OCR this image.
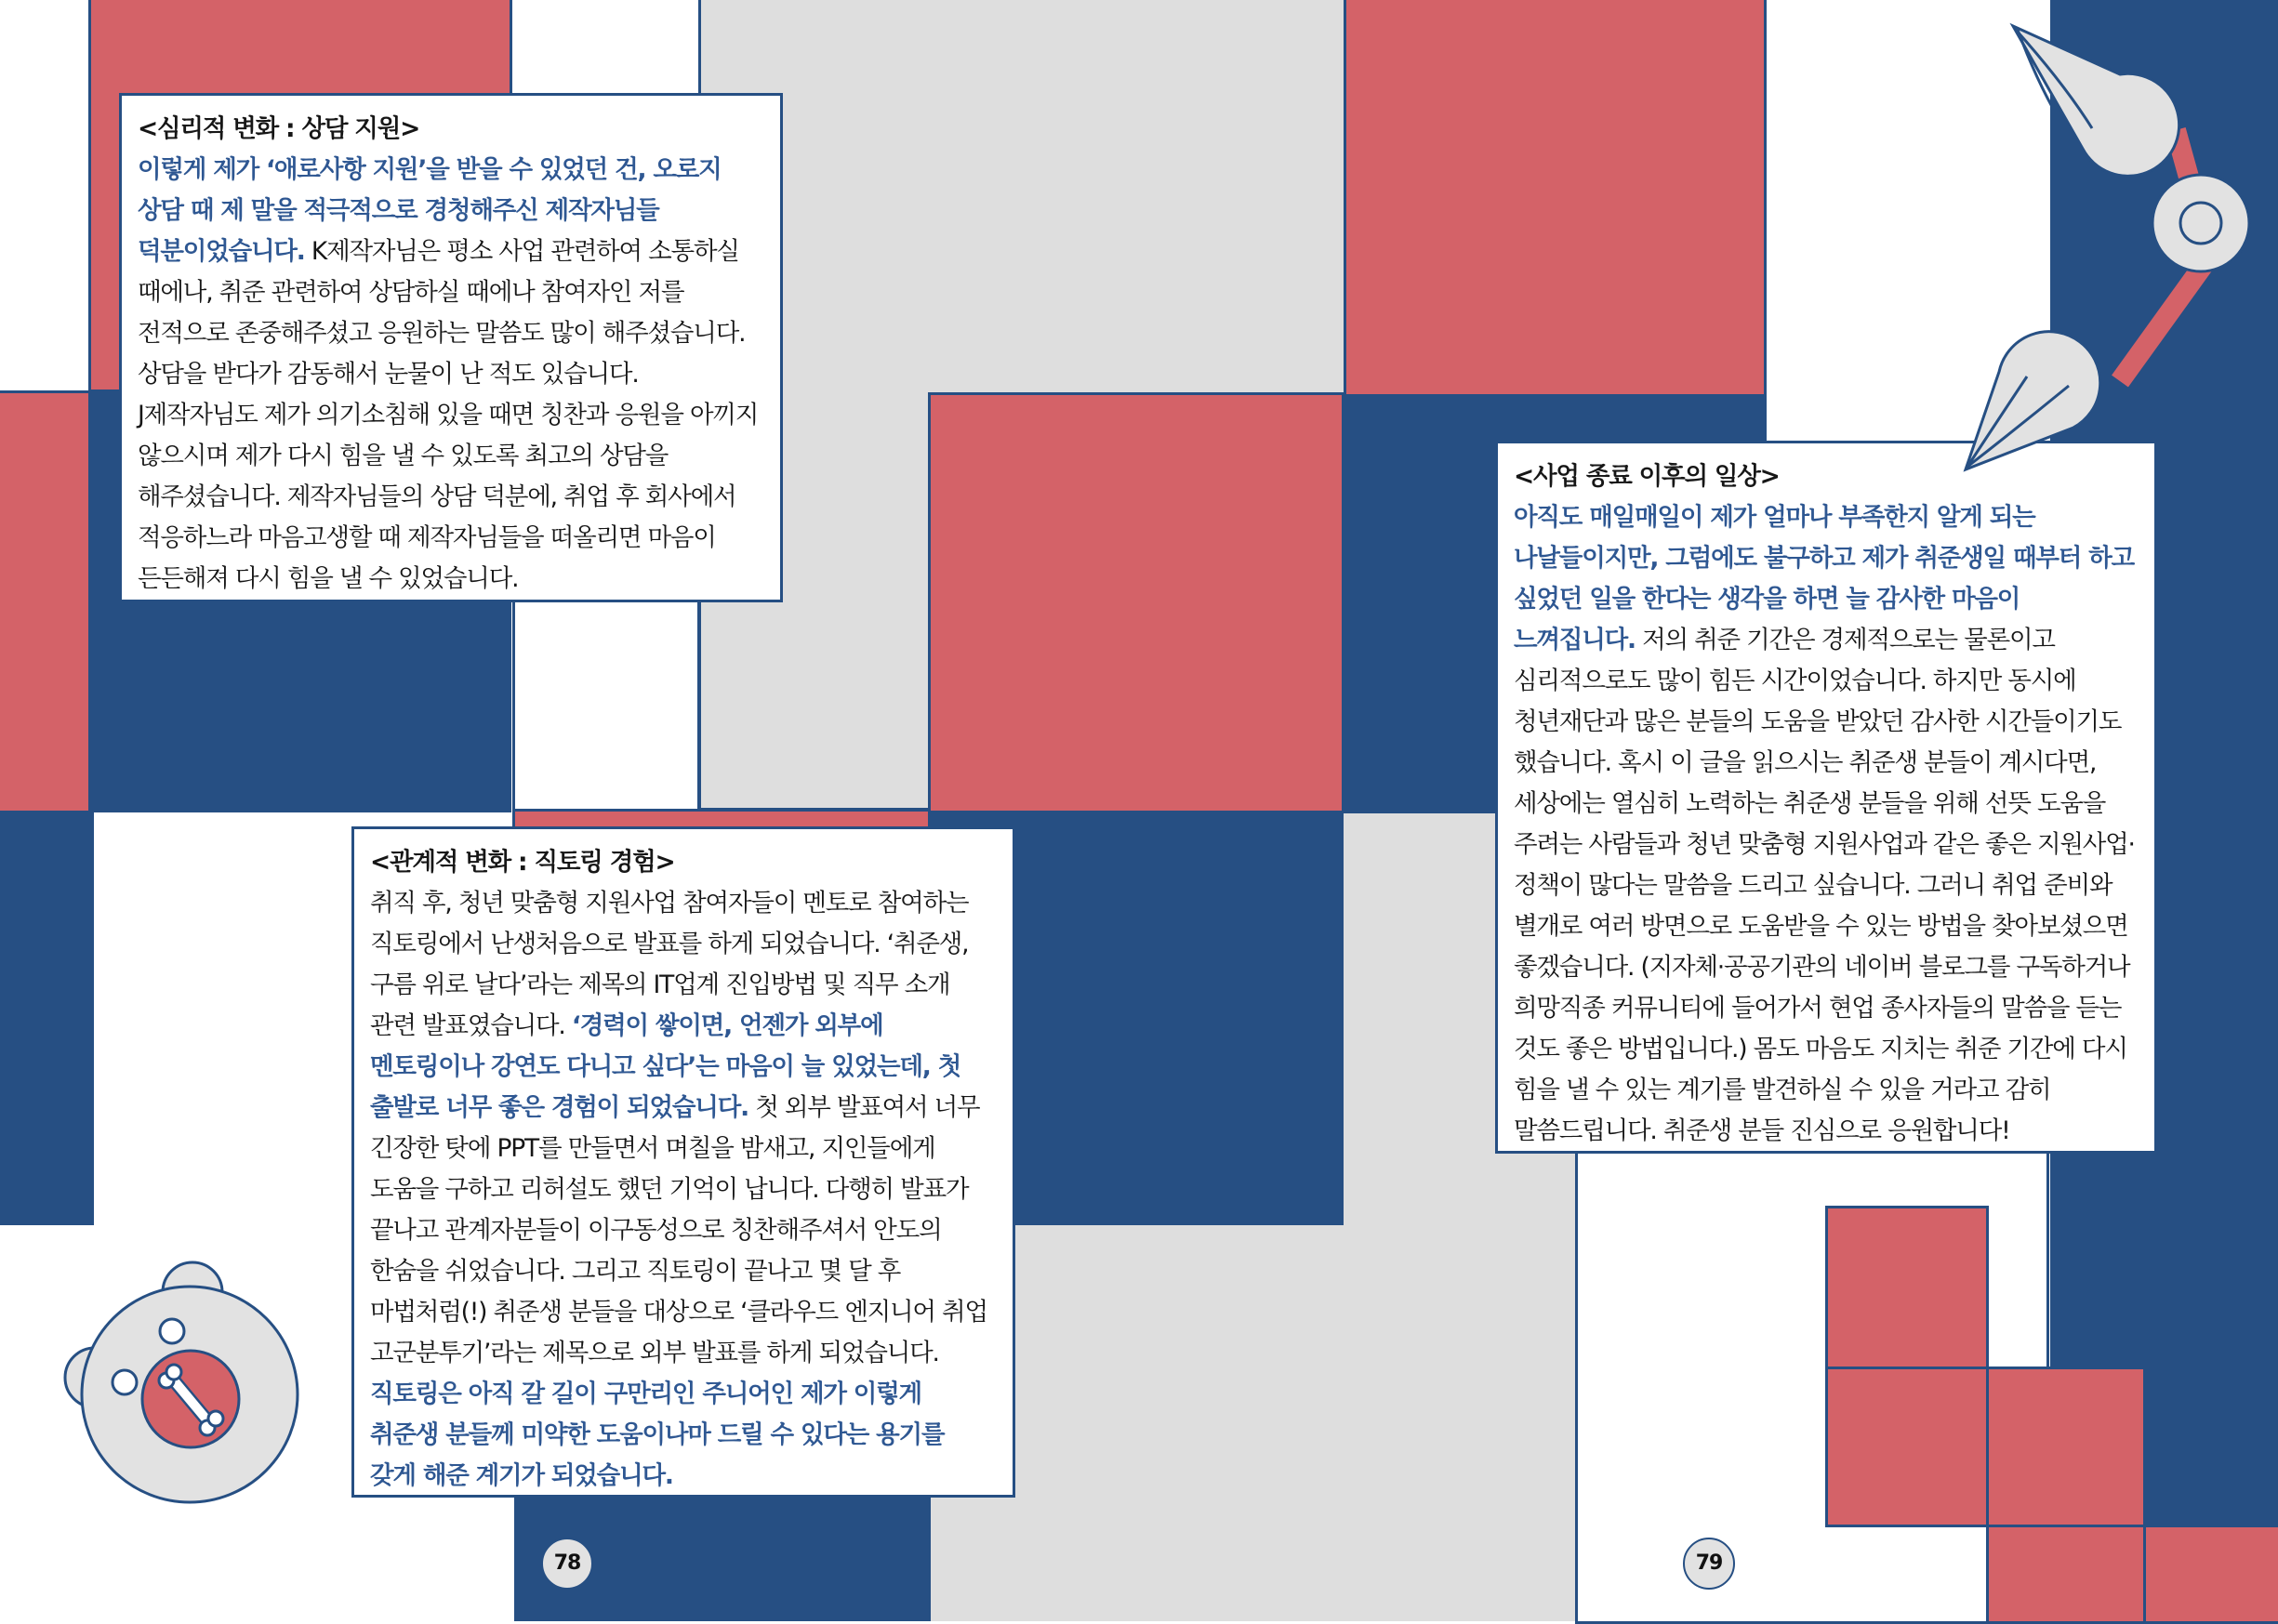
<심리적 변화 : 상담 지원>
이렇게 제가 ‘애로사항 지원’을 받을 수 있었던 건, 오로지 상담 때 제 말을 적극적으로 경청해주신 제작자님들 덕분이었습니다. K제작자님은 평소 사업 관련하여 소통하실 때에나, 취준 관련하여 상담하실 때에나 참여자인 저를 전적으로 존중해주셨고 응원하는 말씀도 많이 해주셨습니다. 상담을 받다가 감동해서 눈물이 난 적도 있습니다. J제작자님도 제가 의기소침해 있을 때면 칭찬과 응원을 아끼지 않으시며 제가 다시 힘을 낼 수 있도록 최고의 상담을 해주셨습니다. 제작자님들의 상담 덕분에, 취업 후 회사에서 적응하느라 마음고생할 때 제작자님들을 떠올리면 마음이 든든해져 다시 힘을 낼 수 있었습니다.

<관계적 변화 : 직토링 경험>
취직 후, 청년 맞춤형 지원사업 참여자들이 멘토로 참여하는 직토링에서 난생처음으로 발표를 하게 되었습니다. ‘취준생, 구름 위로 날다’라는 제목의 IT업계 진입방법 및 직무 소개 관련 발표였습니다. ‘경력이 쌓이면, 언젠가 외부에 멘토링이나 강연도 다니고 싶다’는 마음이 늘 있었는데, 첫 출발로 너무 좋은 경험이 되었습니다. 첫 외부 발표여서 너무 긴장한 탓에 PPT를 만들면서 며칠을 밤새고, 지인들에게 도움을 구하고 리허설도 했던 기억이 납니다. 다행히 발표가 끝나고 관계자분들이 이구동성으로 칭찬해주셔서 안도의 한숨을 쉬었습니다. 그리고 직토링이 끝나고 몇 달 후 마법처럼(!) 취준생 분들을 대상으로 ‘클라우드 엔지니어 취업 고군분투기’라는 제목으로 외부 발표를 하게 되었습니다. 직토링은 아직 갈 길이 구만리인 주니어인 제가 이렇게 취준생 분들께 미약한 도움이나마 드릴 수 있다는 용기를 갖게 해준 계기가 되었습니다.

<사업 종료 이후의 일상>
아직도 매일매일이 제가 얼마나 부족한지 알게 되는 나날들이지만, 그럼에도 불구하고 제가 취준생일 때부터 하고 싶었던 일을 한다는 생각을 하면 늘 감사한 마음이 느껴집니다. 저의 취준 기간은 경제적으로는 물론이고 심리적으로도 많이 힘든 시간이었습니다. 하지만 동시에 청년재단과 많은 분들의 도움을 받았던 감사한 시간들이기도 했습니다. 혹시 이 글을 읽으시는 취준생 분들이 계시다면, 세상에는 열심히 노력하는 취준생 분들을 위해 선뜻 도움을 주려는 사람들과 청년 맞춤형 지원사업과 같은 좋은 지원사업·정책이 많다는 말씀을 드리고 싶습니다. 그러니 취업 준비와 별개로 여러 방면으로 도움받을 수 있는 방법을 찾아보셨으면 좋겠습니다. (지자체·공공기관의 네이버 블로그를 구독하거나 희망직종 커뮤니티에 들어가서 현업 종사자들의 말씀을 듣는 것도 좋은 방법입니다.) 몸도 마음도 지치는 취준 기간에 다시 힘을 낼 수 있는 계기를 발견하실 수 있을 거라고 감히 말씀드립니다. 취준생 분들 진심으로 응원합니다!

78	79
